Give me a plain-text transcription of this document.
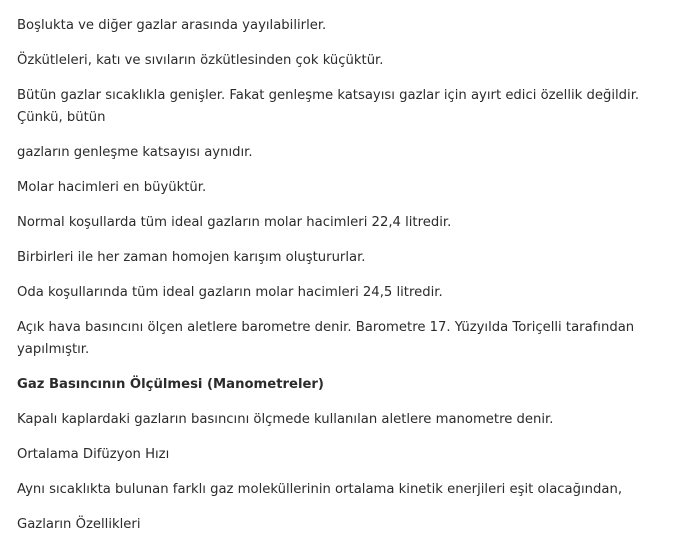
Boşlukta ve diğer gazlar arasında yayılabilirler.

Özkütleleri, katı ve sıvıların özkütlesinden çok küçüktür.

Bütün gazlar sıcaklıkla genişler. Fakat genleşme katsayısı gazlar için ayırt edici özellik değildir. Çünkü, bütün

gazların genleşme katsayısı aynıdır.

Molar hacimleri en büyüktür.

Normal koşullarda tüm ideal gazların molar hacimleri 22,4 litredir.

Birbirleri ile her zaman homojen karışım oluştururlar.

Oda koşullarında tüm ideal gazların molar hacimleri 24,5 litredir.

Açık hava basıncını ölçen aletlere barometre denir. Barometre 17. Yüzyılda Toriçelli tarafından yapılmıştır.

Gaz Basıncının Ölçülmesi (Manometreler)

Kapalı kaplardaki gazların basıncını ölçmede kullanılan aletlere manometre denir.

Ortalama Difüzyon Hızı

Aynı sıcaklıkta bulunan farklı gaz moleküllerinin ortalama kinetik enerjileri eşit olacağından,

Gazların Özellikleri
